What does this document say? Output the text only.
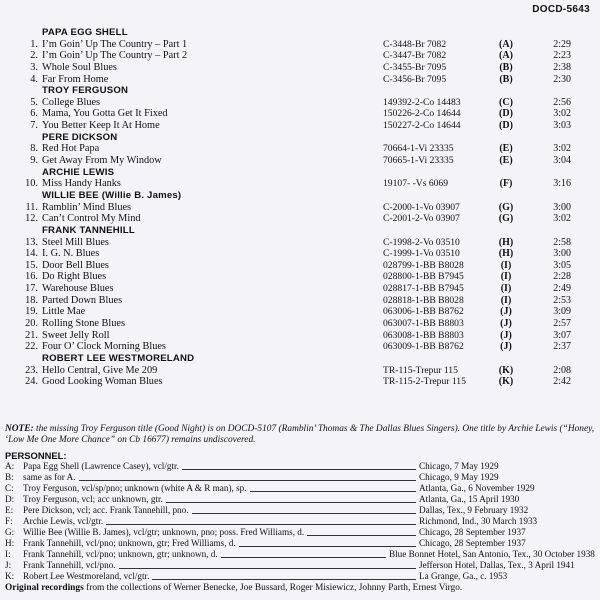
DOCD-5643
PAPA EGG SHELL
1. I’m Goin’ Up The Country – Part 1	C-3448-Br 7082	(A)	2:29
2. I’m Goin’ Up The Country – Part 2	C-3447-Br 7082	(A)	2:23
3. Whole Soul Blues	C-3455-Br 7095	(B)	2:38
4. Far From Home	C-3456-Br 7095	(B)	2:30
TROY FERGUSON
5. College Blues	149392-2-Co 14483	(C)	2:56
6. Mama, You Gotta Get It Fixed	150226-2-Co 14644	(D)	3:02
7. You Better Keep It At Home	150227-2-Co 14644	(D)	3:03
PERE DICKSON
8. Red Hot Papa	70664-1-Vi 23335	(E)	3:02
9. Get Away From My Window	70665-1-Vi 23335	(E)	3:04
ARCHIE LEWIS
10. Miss Handy Hanks	19107- -Vs 6069	(F)	3:16
WILLIE BEE (Willie B. James)
11. Ramblin’ Mind Blues	C-2000-1-Vo 03907	(G)	3:00
12. Can’t Control My Mind	C-2001-2-Vo 03907	(G)	3:02
FRANK TANNEHILL
13. Steel Mill Blues	C-1998-2-Vo 03510	(H)	2:58
14. I. G. N. Blues	C-1999-1-Vo 03510	(H)	3:00
15. Door Bell Blues	028799-1-BB B8028	(I)	3:05
16. Do Right Blues	028800-1-BB B7945	(I)	2:28
17. Warehouse Blues	028817-1-BB B7945	(I)	2:49
18. Parted Down Blues	028818-1-BB B8028	(I)	2:53
19. Little Mae	063006-1-BB B8762	(J)	3:09
20. Rolling Stone Blues	063007-1-BB B8803	(J)	2:57
21. Sweet Jelly Roll	063008-1-BB B8803	(J)	3:07
22. Four O’ Clock Morning Blues	063009-1-BB B8762	(J)	2:37
ROBERT LEE WESTMORELAND
23. Hello Central, Give Me 209	TR-115-Trepur 115	(K)	2:08
24. Good Looking Woman Blues	TR-115-2-Trepur 115	(K)	2:42
NOTE: the missing Troy Ferguson title (Good Night) is on DOCD-5107 (Ramblin’ Thomas & The Dallas Blues Singers). One title by Archie Lewis (“Honey, ‘Low Me One More Chance” on Cb 16677) remains undiscovered.
PERSONNEL:
A: Papa Egg Shell (Lawrence Casey), vcl/gtr.	Chicago, 7 May 1929
B: same as for A.	Chicago, 9 May 1929
C: Troy Ferguson, vcl/sp/pno; unknown (white A & R man), sp.	Atlanta, Ga., 6 November 1929
D: Troy Ferguson, vcl; acc unknown, gtr.	Atlanta, Ga., 15 April 1930
E: Pere Dickson, vcl; acc. Frank Tannehill, pno.	Dallas, Tex., 9 February 1932
F: Archie Lewis, vcl/gtr.	Richmond, Ind., 30 March 1933
G: Willie Bee (Willie B. James), vcl/gtr; unknown, pno; poss. Fred Williams, d.	Chicago, 28 September 1937
H: Frank Tannehill, vcl/pno; unknown, gtr; Fred Williams, d.	Chicago, 28 September 1937
I: Frank Tannehill, vcl/pno; unknown, gtr; unknown, d.	Blue Bonnet Hotel, San Antonio, Tex., 30 October 1938
J: Frank Tannehill, vcl/pno.	Jefferson Hotel, Dallas, Tex., 3 April 1941
K: Robert Lee Westmoreland, vcl/gtr.	La Grange, Ga., c. 1953
Original recordings from the collections of Werner Benecke, Joe Bussard, Roger Misiewicz, Johnny Parth, Ernest Virgo.
